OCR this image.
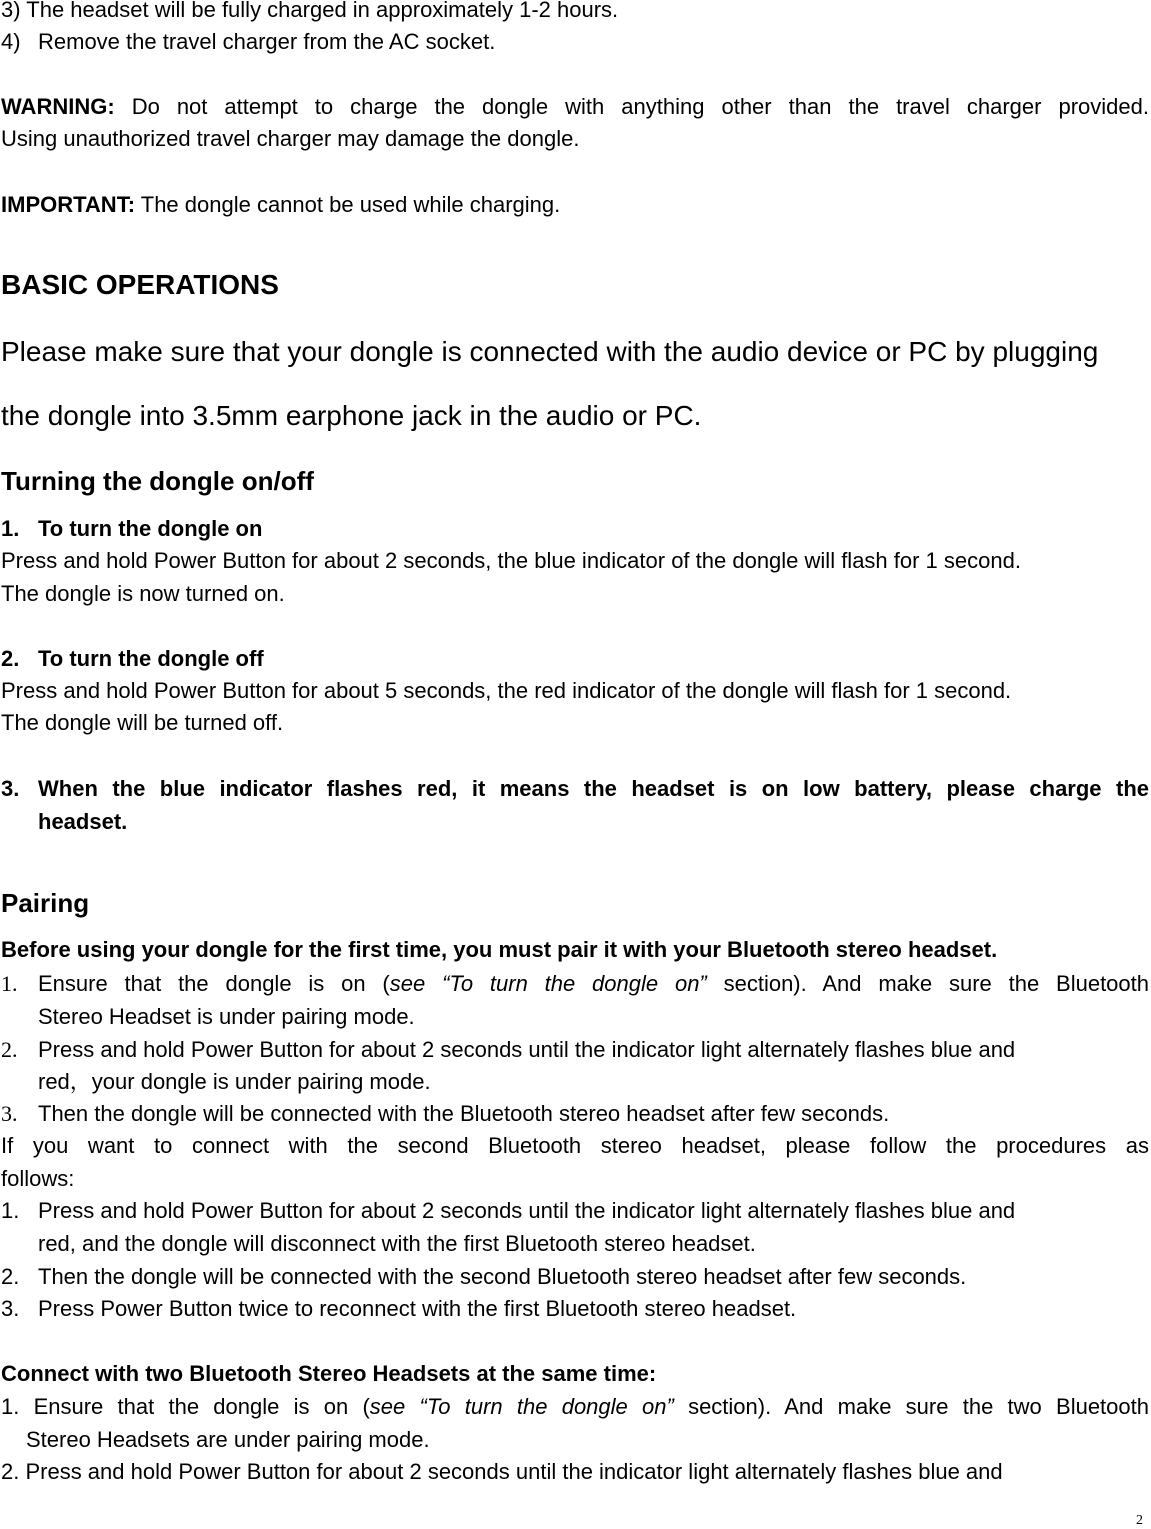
3) The headset will be fully charged in approximately 1-2 hours.
4) Remove the travel charger from the AC socket.
WARNING: Do not attempt to charge the dongle with anything other than the travel charger provided.
Using unauthorized travel charger may damage the dongle.
IMPORTANT: The dongle cannot be used while charging.
BASIC OPERATIONS
Please make sure that your dongle is connected with the audio device or PC by plugging
the dongle into 3.5mm earphone jack in the audio or PC.
Turning the dongle on/off
1. To turn the dongle on
Press and hold Power Button for about 2 seconds, the blue indicator of the dongle will flash for 1 second.
The dongle is now turned on.
2. To turn the dongle off
Press and hold Power Button for about 5 seconds, the red indicator of the dongle will flash for 1 second.
The dongle will be turned off.
3. When the blue indicator flashes red, it means the headset is on low battery, please charge the
headset.
Pairing
Before using your dongle for the first time, you must pair it with your Bluetooth stereo headset.
1. Ensure that the dongle is on (see “To turn the dongle on” section). And make sure the Bluetooth
Stereo Headset is under pairing mode.
2. Press and hold Power Button for about 2 seconds until the indicator light alternately flashes blue and
red，your dongle is under pairing mode.
3. Then the dongle will be connected with the Bluetooth stereo headset after few seconds.
If you want to connect with the second Bluetooth stereo headset, please follow the procedures as
follows:
1. Press and hold Power Button for about 2 seconds until the indicator light alternately flashes blue and
red, and the dongle will disconnect with the first Bluetooth stereo headset.
2. Then the dongle will be connected with the second Bluetooth stereo headset after few seconds.
3. Press Power Button twice to reconnect with the first Bluetooth stereo headset.
Connect with two Bluetooth Stereo Headsets at the same time:
1. Ensure that the dongle is on (see “To turn the dongle on” section). And make sure the two Bluetooth
Stereo Headsets are under pairing mode.
2. Press and hold Power Button for about 2 seconds until the indicator light alternately flashes blue and
2
